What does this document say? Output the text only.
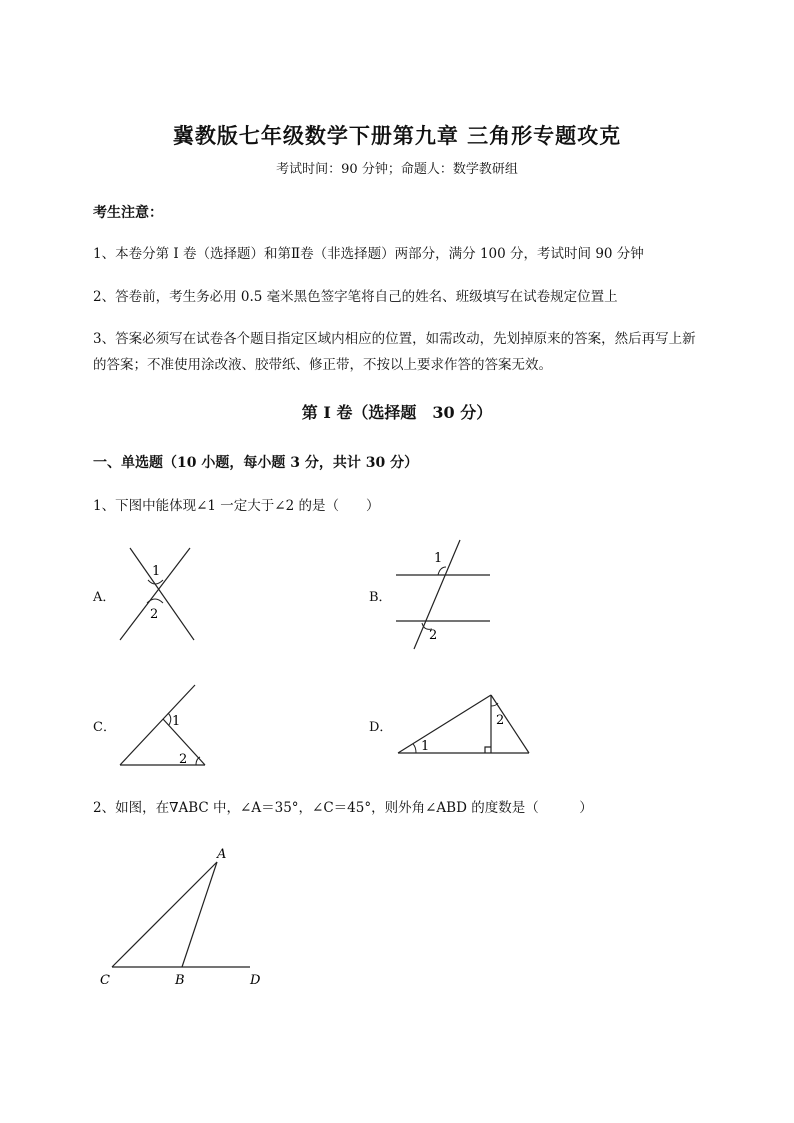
冀教版七年级数学下册第九章 三角形专题攻克
考试时间：90 分钟；命题人：数学教研组
考生注意：
1、本卷分第 I 卷（选择题）和第Ⅱ卷（非选择题）两部分，满分 100 分，考试时间 90 分钟
2、答卷前，考生务必用 0.5 毫米黑色签字笔将自己的姓名、班级填写在试卷规定位置上
3、答案必须写在试卷各个题目指定区域内相应的位置，如需改动，先划掉原来的答案，然后再写上新
的答案；不准使用涂改液、胶带纸、修正带，不按以上要求作答的答案无效。
第 I 卷（选择题　30 分）
一、单选题（10 小题，每小题 3 分，共计 30 分）
1、下图中能体现∠1 一定大于∠2 的是（　　）
A．
1
2
B．
1
2
C．	1
2
D．
1
2
2、如图，在∇ABC 中，∠A＝35°，∠C＝45°，则外角∠ABD 的度数是（　　　）
A
B
C	D
